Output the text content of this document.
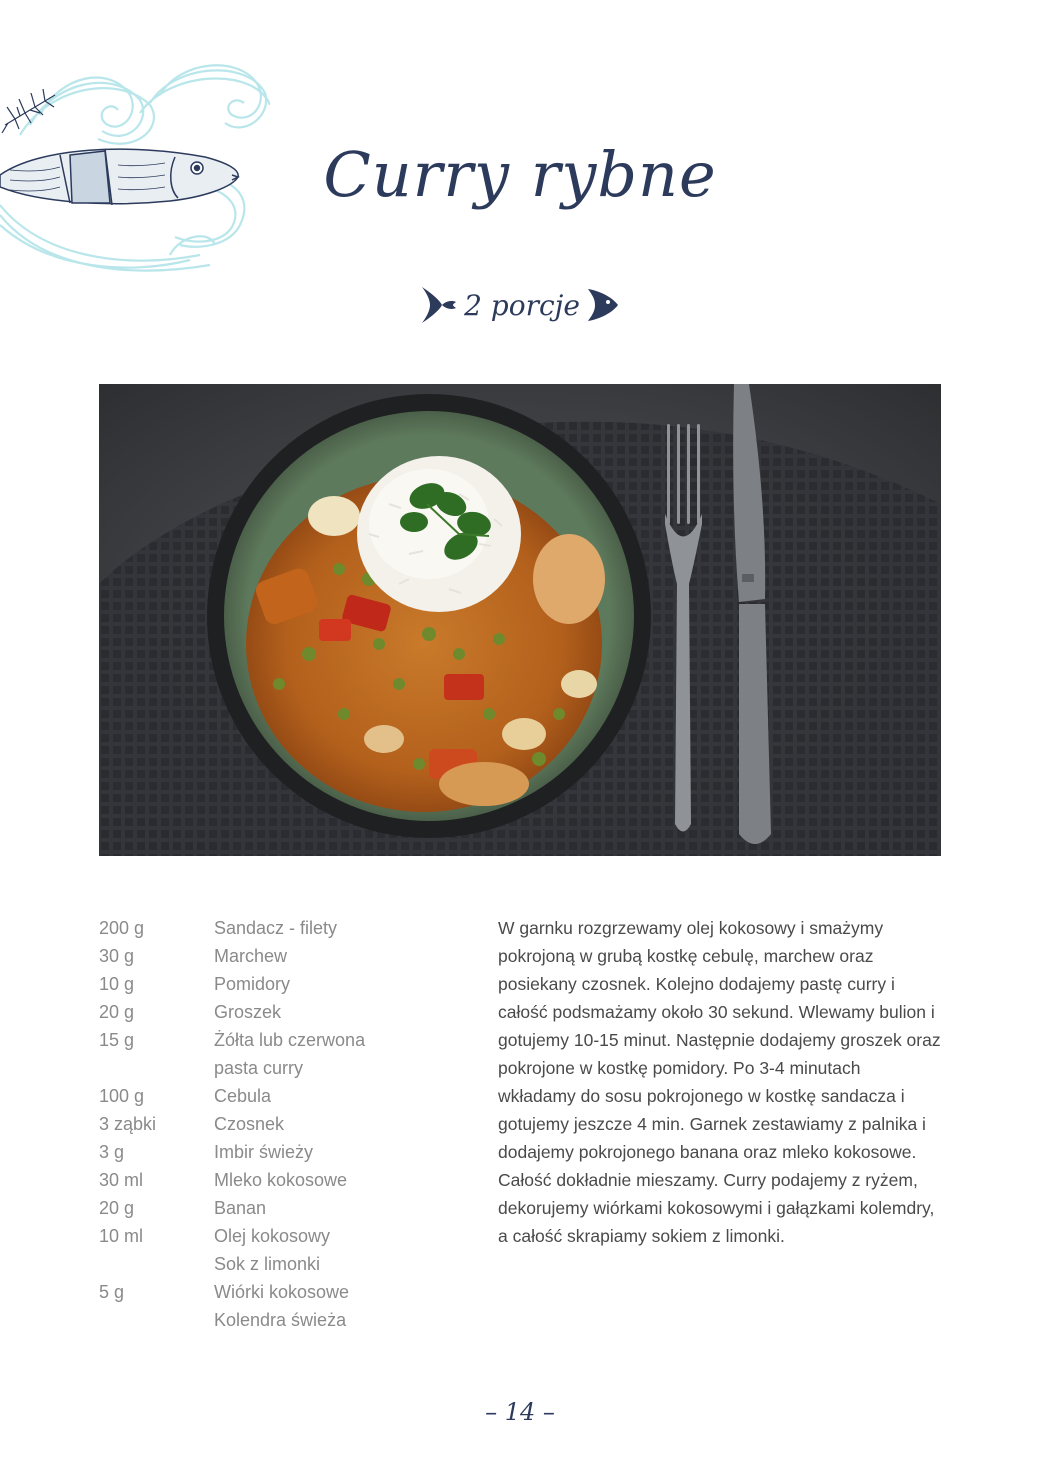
Curry rybne
2 porcje
200 g	Sandacz - filety
30 g	Marchew
10 g	Pomidory
20 g	Groszek
15 g	Żółta lub czerwona pasta curry
100 g	Cebula
3 ząbki	Czosnek
3 g	Imbir świeży
30 ml	Mleko kokosowe
20 g	Banan
10 ml	Olej kokosowy
Sok z limonki
5 g	Wiórki kokosowe
Kolendra świeża

W garnku rozgrzewamy olej kokosowy i smażymy pokrojoną w grubą kostkę cebulę, marchew oraz posiekany czosnek. Kolejno dodajemy pastę curry i całość podsmażamy około 30 sekund. Wlewamy bulion i gotujemy 10-15 minut. Następnie dodajemy groszek oraz pokrojone w kostkę pomidory. Po 3-4 minutach wkładamy do sosu pokrojonego w kostkę sandacza i gotujemy jeszcze 4 min. Garnek zestawiamy z palnika i dodajemy pokrojonego banana oraz mleko kokosowe. Całość dokładnie mieszamy. Curry podajemy z ryżem, dekorujemy wiórkami kokosowymi i gałązkami kolemdry, a całość skrapiamy sokiem z limonki.

– 14 –
